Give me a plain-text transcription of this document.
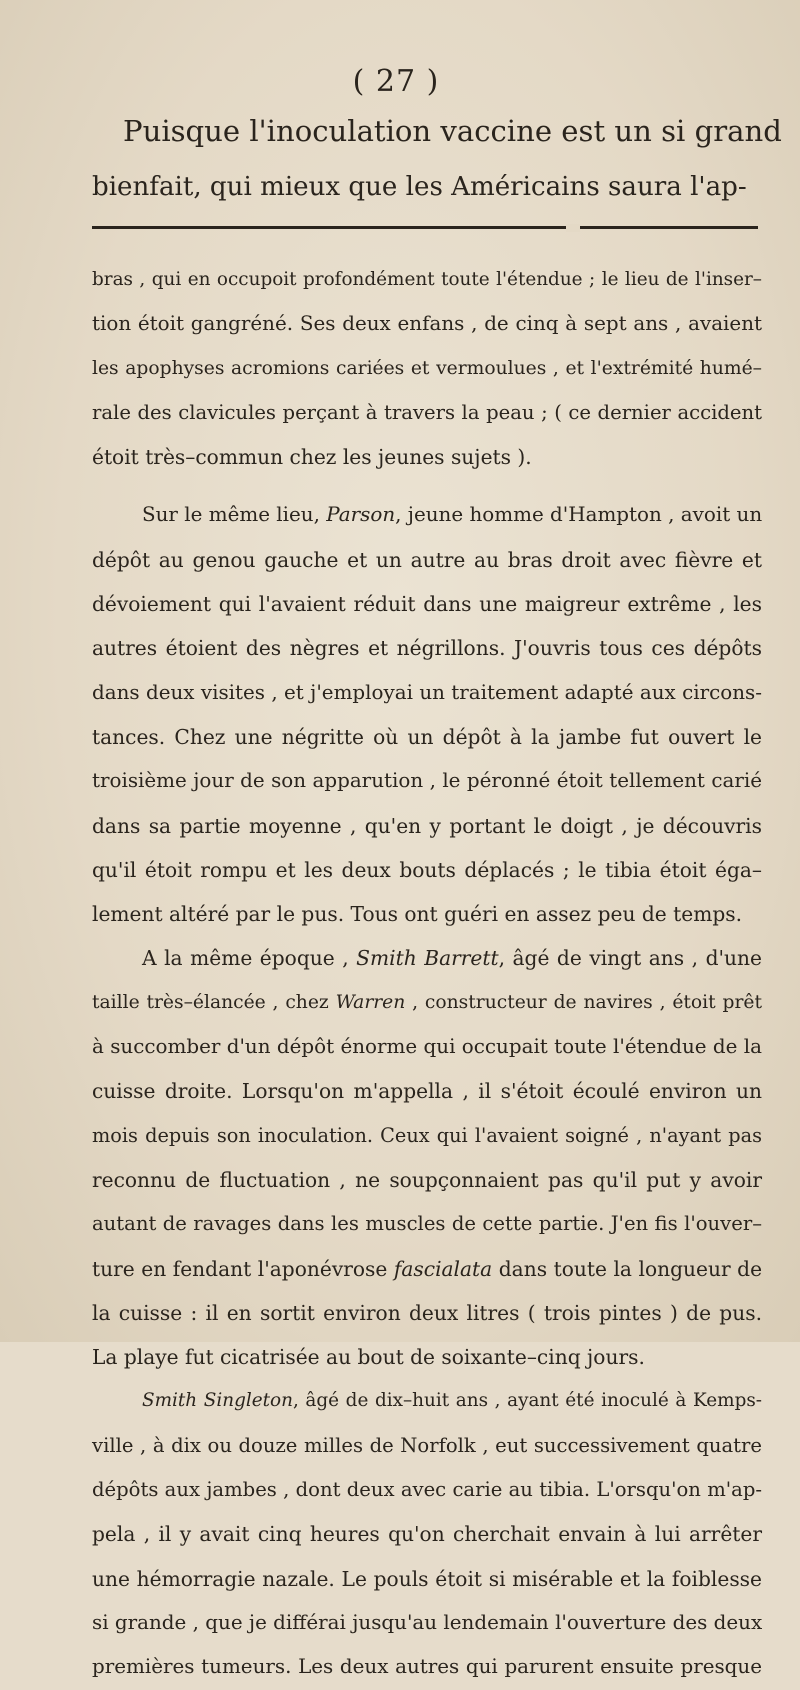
( 27 )
Puisque l'inoculation vaccine est un si grand
bienfait, qui mieux que les Américains saura l'ap-
bras , qui en occupoit profondément toute l'étendue ; le lieu de l'inser–
tion étoit gangréné. Ses deux enfans , de cinq à sept ans , avaient
les apophyses acromions cariées et vermoulues , et l'extrémité humé–
rale des clavicules perçant à travers la peau ; ( ce dernier accident
étoit très–commun chez les jeunes sujets ).
Sur le même lieu, Parson, jeune homme d'Hampton , avoit un
dépôt au genou gauche et un autre au bras droit avec fièvre et
dévoiement qui l'avaient réduit dans une maigreur extrême , les
autres étoient des nègres et négrillons. J'ouvris tous ces dépôts
dans deux visites , et j'employai un traitement adapté aux circons-
tances. Chez une négritte où un dépôt à la jambe fut ouvert le
troisième jour de son apparution , le péronné étoit tellement carié
dans sa partie moyenne , qu'en y portant le doigt , je découvris
qu'il étoit rompu et les deux bouts déplacés ; le tibia étoit éga–
lement altéré par le pus. Tous ont guéri en assez peu de temps.
A la même époque , Smith Barrett, âgé de vingt ans , d'une
taille très–élancée , chez Warren , constructeur de navires , étoit prêt
à succomber d'un dépôt énorme qui occupait toute l'étendue de la
cuisse droite. Lorsqu'on m'appella , il s'étoit écoulé environ un
mois depuis son inoculation. Ceux qui l'avaient soigné , n'ayant pas
reconnu de fluctuation , ne soupçonnaient pas qu'il put y avoir
autant de ravages dans les muscles de cette partie. J'en fis l'ouver–
ture en fendant l'aponévrose fascialata dans toute la longueur de
la cuisse : il en sortit environ deux litres ( trois pintes ) de pus.
La playe fut cicatrisée au bout de soixante–cinq jours.
Smith Singleton, âgé de dix–huit ans , ayant été inoculé à Kemps-
ville , à dix ou douze milles de Norfolk , eut successivement quatre
dépôts aux jambes , dont deux avec carie au tibia. L'orsqu'on m'ap-
pela , il y avait cinq heures qu'on cherchait envain à lui arrêter
une hémorragie nazale. Le pouls étoit si misérable et la foiblesse
si grande , que je différai jusqu'au lendemain l'ouverture des deux
premières tumeurs. Les deux autres qui parurent ensuite presque
